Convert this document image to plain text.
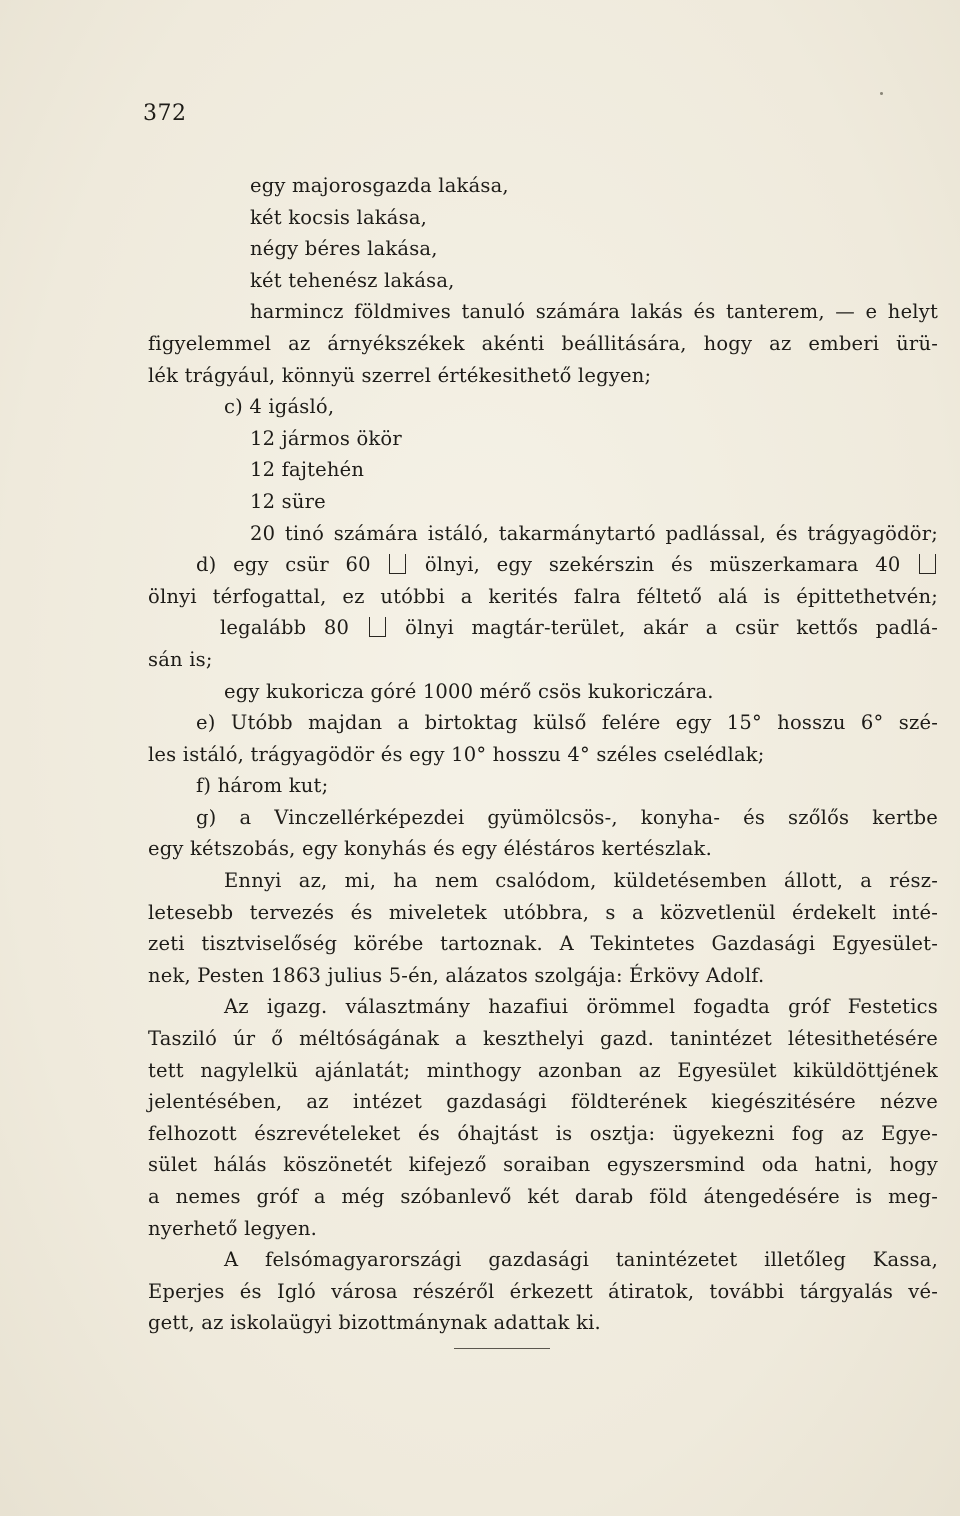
372
egy majorosgazda lakása,
két kocsis lakása,
négy béres lakása,
két tehenész lakása,
harmincz földmives tanuló számára lakás és tanterem, — e helyt
figyelemmel az árnyékszékek akénti beállitására, hogy az emberi ürü-
lék trágyául, könnyü szerrel értékesithető legyen;
c) 4 igásló,
12 jármos ökör
12 fajtehén
12 süre
20 tinó számára istáló, takarmánytartó padlással, és trágyagödör;
d) egy csür 60  ölnyi, egy szekérszin és müszerkamara 40
ölnyi térfogattal, ez utóbbi a kerités falra féltető alá is épittethetvén;
legalább 80  ölnyi magtár-terület, akár a csür kettős padlá-
sán is;
egy kukoricza góré 1000 mérő csös kukoriczára.
e) Utóbb majdan a birtoktag külső felére egy 15° hosszu 6° szé-
les istáló, trágyagödör és egy 10° hosszu 4° széles cselédlak;
f) három kut;
g) a Vinczellérképezdei gyümölcsös-, konyha- és szőlős kertbe
egy kétszobás, egy konyhás és egy éléstáros kertészlak.
Ennyi az, mi, ha nem csalódom, küldetésemben állott, a rész-
letesebb tervezés és miveletek utóbbra, s a közvetlenül érdekelt inté-
zeti tisztviselőség körébe tartoznak. A Tekintetes Gazdasági Egyesület-
nek, Pesten 1863 julius 5-én, alázatos szolgája: Érkövy Adolf.
Az igazg. választmány hazafiui örömmel fogadta gróf Festetics
Tasziló úr ő méltóságának a keszthelyi gazd. tanintézet létesithetésére
tett nagylelkü ajánlatát; minthogy azonban az Egyesület kiküldöttjének
jelentésében, az intézet gazdasági földterének kiegészitésére nézve
felhozott észrevételeket és óhajtást is osztja: ügyekezni fog az Egye-
sület hálás köszönetét kifejező soraiban egyszersmind oda hatni, hogy
a nemes gróf a még szóbanlevő két darab föld átengedésére is meg-
nyerhető legyen.
A felsómagyarországi gazdasági tanintézetet illetőleg Kassa,
Eperjes és Igló városa részéről érkezett átiratok, további tárgyalás vé-
gett, az iskolaügyi bizottmánynak adattak ki.
